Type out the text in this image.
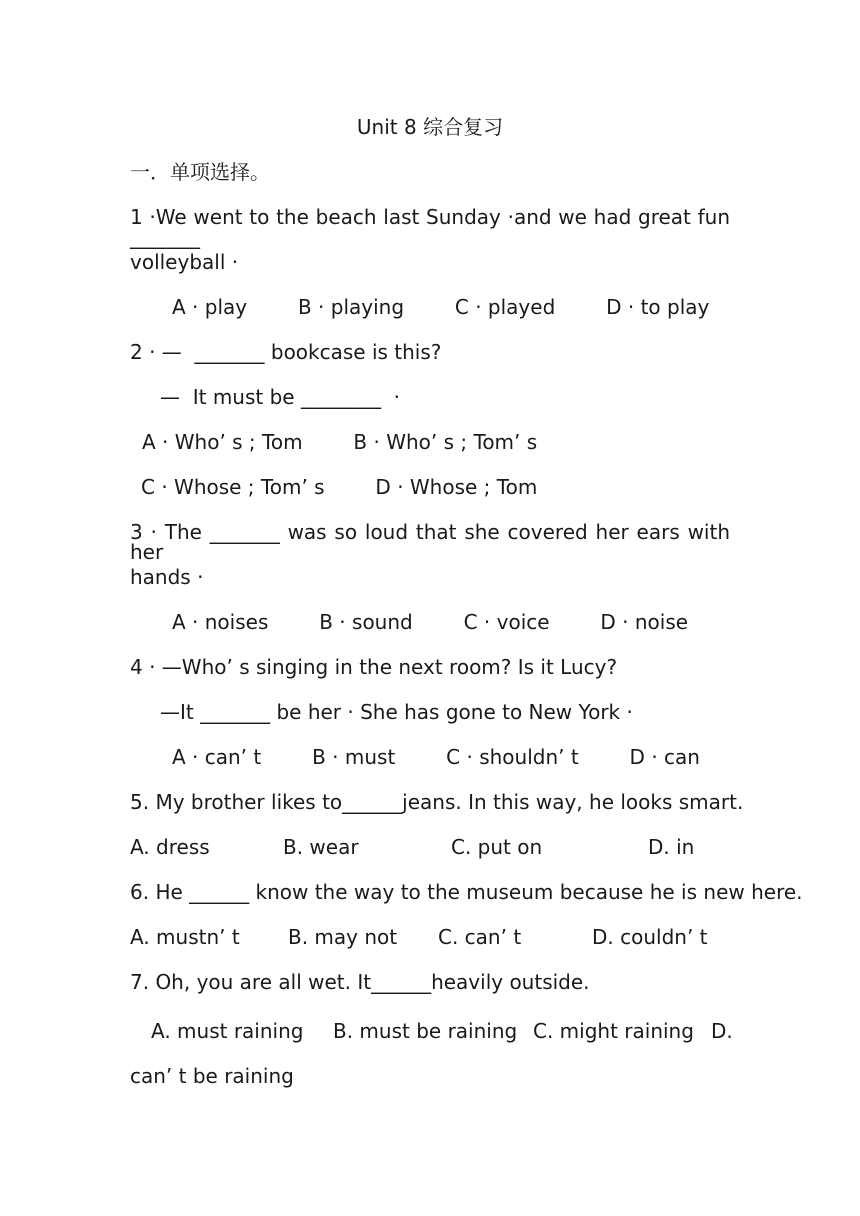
Unit 8 综合复习
一．单项选择。
1 ·We went to the beach last Sunday ·and we had great fun _______
volleyball ·
A · play        B · playing        C · played        D · to play
2 · —  _______ bookcase is this?
—  It must be ________  ·
A · Who’ s ; Tom        B · Who’ s ; Tom’ s
C · Whose ; Tom’ s        D · Whose ; Tom
3 · The _______ was so loud that she covered her ears with her
hands ·
A · noises        B · sound        C · voice        D · noise
4 · —Who’ s singing in the next room? Is it Lucy?
—It _______ be her · She has gone to New York ·
A · can’ t        B · must        C · shouldn’ t        D · can
5. My brother likes to______jeans. In this way, he looks smart.
A. dress	B. wear	C. put on	D. in
6. He ______ know the way to the museum because he is new here.
A. mustn’ t B. may not C. can’ t	D. couldn’ t
7. Oh, you are all wet. It______heavily outside.
A. must raining B. must be raining C. might raining D.
can’ t be raining
